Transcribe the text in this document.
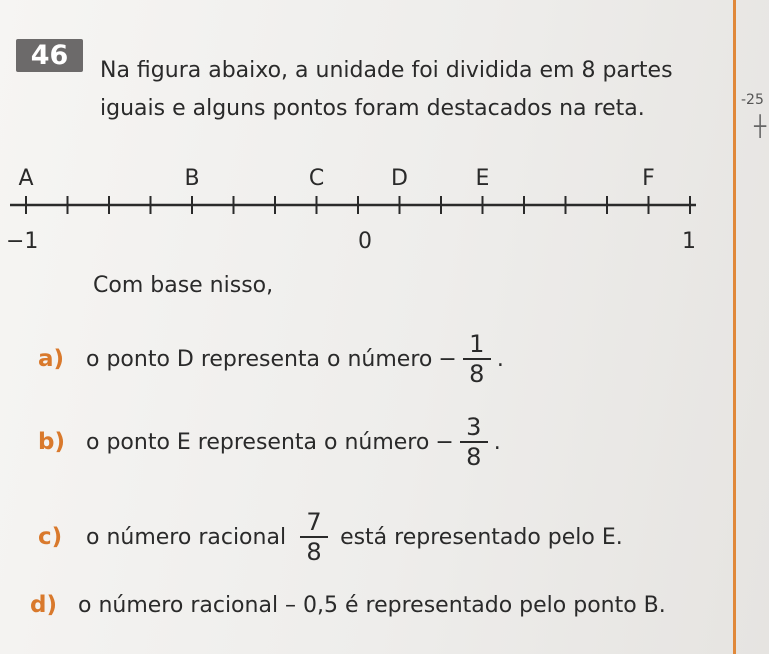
46	Na figura abaixo, a unidade foi dividida em 8 partes
iguais e alguns pontos foram destacados na reta.	-25
┼
A	B	C	D	E	F
−1	0	1
Com base nisso,
a) o ponto D representa o número − $\frac{1}{8}$ .
b) o ponto E representa o número − $\frac{3}{8}$ .
c)	o número racional $\frac{7}{8}$ está representado pelo E.
d) o número racional – 0,5 é representado pelo ponto B.
